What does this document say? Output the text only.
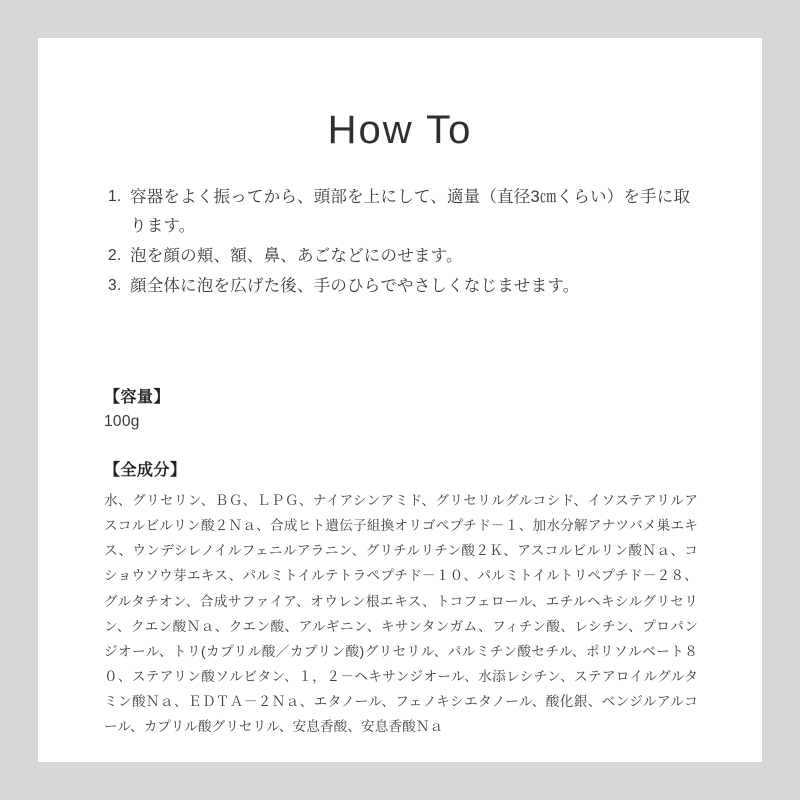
How To
容器をよく振ってから、頭部を上にして、適量（直径3㎝くらい）を手に取ります。
泡を顔の頬、額、鼻、あごなどにのせます。
顔全体に泡を広げた後、手のひらでやさしくなじませます。

【容量】

100g

【全成分】

水、グリセリン、ＢＧ、ＬＰＧ、ナイアシンアミド、グリセリルグルコシド、イソステアリルアスコルビルリン酸２Ｎａ、合成ヒト遺伝子組換オリゴペプチド－１、加水分解アナツバメ巣エキス、ウンデシレノイルフェニルアラニン、グリチルリチン酸２Ｋ、アスコルビルリン酸Ｎａ、コショウソウ芽エキス、パルミトイルテトラペプチド－１０、パルミトイルトリペプチド－２８、グルタチオン、合成サファイア、オウレン根エキス、トコフェロール、エチルヘキシルグリセリン、クエン酸Ｎａ、クエン酸、アルギニン、キサンタンガム、フィチン酸、レシチン、プロパンジオール、トリ(カプリル酸／カプリン酸)グリセリル、パルミチン酸セチル、ポリソルベート８０、ステアリン酸ソルビタン、１，２－ヘキサンジオール、水添レシチン、ステアロイルグルタミン酸Ｎａ、ＥＤＴＡ－２Ｎａ、エタノール、フェノキシエタノール、酸化銀、ベンジルアルコール、カプリル酸グリセリル、安息香酸、安息香酸Ｎａ
